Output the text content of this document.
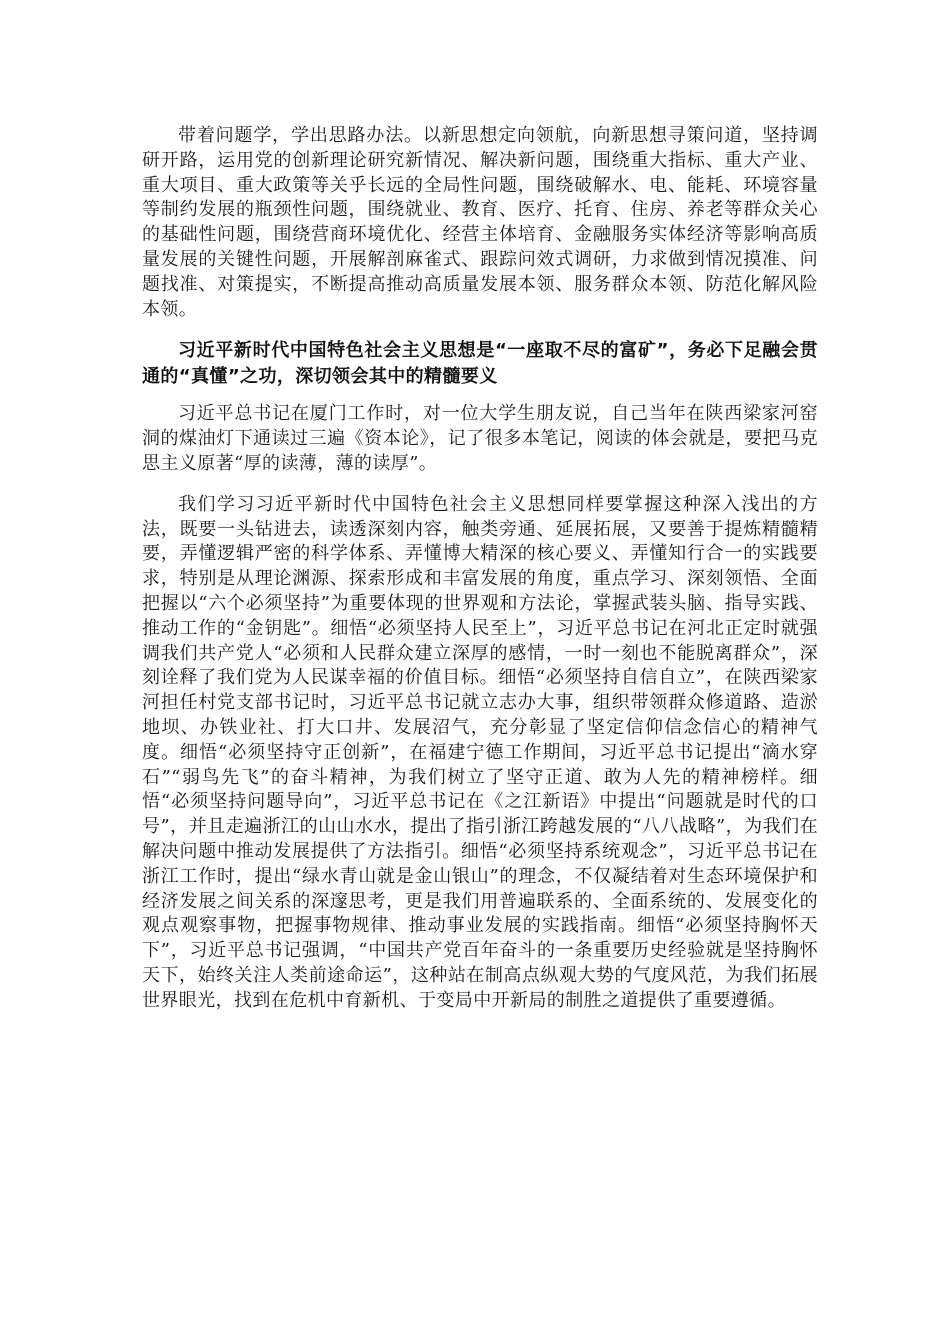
带着问题学，学出思路办法。以新思想定向领航，向新思想寻策问道，坚持调研开路，运用党的创新理论研究新情况、解决新问题，围绕重大指标、重大产业、重大项目、重大政策等关乎长远的全局性问题，围绕破解水、电、能耗、环境容量等制约发展的瓶颈性问题，围绕就业、教育、医疗、托育、住房、养老等群众关心的基础性问题，围绕营商环境优化、经营主体培育、金融服务实体经济等影响高质量发展的关键性问题，开展解剖麻雀式、跟踪问效式调研，力求做到情况摸准、问题找准、对策提实，不断提高推动高质量发展本领、服务群众本领、防范化解风险本领。

习近平新时代中国特色社会主义思想是“一座取不尽的富矿”，务必下足融会贯通的“真懂”之功，深切领会其中的精髓要义

习近平总书记在厦门工作时，对一位大学生朋友说，自己当年在陕西梁家河窑洞的煤油灯下通读过三遍《资本论》，记了很多本笔记，阅读的体会就是，要把马克思主义原著“厚的读薄，薄的读厚”。

我们学习习近平新时代中国特色社会主义思想同样要掌握这种深入浅出的方法，既要一头钻进去，读透深刻内容，触类旁通、延展拓展，又要善于提炼精髓精要，弄懂逻辑严密的科学体系、弄懂博大精深的核心要义、弄懂知行合一的实践要求，特别是从理论渊源、探索形成和丰富发展的角度，重点学习、深刻领悟、全面把握以“六个必须坚持”为重要体现的世界观和方法论，掌握武装头脑、指导实践、推动工作的“金钥匙”。细悟“必须坚持人民至上”，习近平总书记在河北正定时就强调我们共产党人“必须和人民群众建立深厚的感情，一时一刻也不能脱离群众”，深刻诠释了我们党为人民谋幸福的价值目标。细悟“必须坚持自信自立”，在陕西梁家河担任村党支部书记时，习近平总书记就立志办大事，组织带领群众修道路、造淤地坝、办铁业社、打大口井、发展沼气，充分彰显了坚定信仰信念信心的精神气度。细悟“必须坚持守正创新”，在福建宁德工作期间，习近平总书记提出“滴水穿石”“弱鸟先飞”的奋斗精神，为我们树立了坚守正道、敢为人先的精神榜样。细悟“必须坚持问题导向”，习近平总书记在《之江新语》中提出“问题就是时代的口号”，并且走遍浙江的山山水水，提出了指引浙江跨越发展的“八八战略”，为我们在解决问题中推动发展提供了方法指引。细悟“必须坚持系统观念”，习近平总书记在浙江工作时，提出“绿水青山就是金山银山”的理念，不仅凝结着对生态环境保护和经济发展之间关系的深邃思考，更是我们用普遍联系的、全面系统的、发展变化的观点观察事物，把握事物规律、推动事业发展的实践指南。细悟“必须坚持胸怀天下”，习近平总书记强调，“中国共产党百年奋斗的一条重要历史经验就是坚持胸怀天下，始终关注人类前途命运”，这种站在制高点纵观大势的气度风范，为我们拓展世界眼光，找到在危机中育新机、于变局中开新局的制胜之道提供了重要遵循。
